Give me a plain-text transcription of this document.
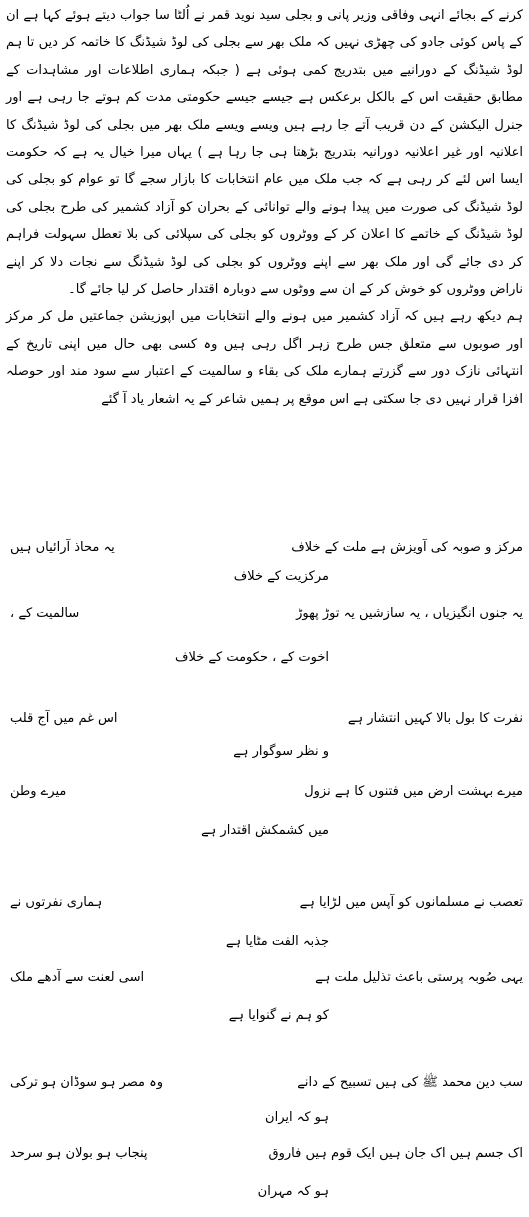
کرنے کے بجائے انہی وفاقی وزیر پانی و بجلی سید نوید قمر نے اُلٹا سا جواب دیتے ہوئے کہا ہے ان کے پاس کوئی جادو کی چھڑی نہیں کہ ملک بھر سے بجلی کی لوڈ شیڈنگ کا خاتمہ کر دیں تا ہم لوڈ شیڈنگ کے دورانیے میں بتدریج کمی ہوئی ہے ( جبکہ ہماری اطلاعات اور مشاہدات کے مطابق حقیقت اس کے بالکل برعکس ہے جیسے جیسے حکومتی مدت کم ہوتے جا رہی ہے اور جنرل الیکشن کے دن قریب آتے جا رہے ہیں ویسے ویسے ملک بھر میں بجلی کی لوڈ شیڈنگ کا اعلانیہ اور غیر اعلانیہ دورانیہ بتدریج بڑھتا ہی جا رہا ہے ) یہاں میرا خیال یہ ہے کہ حکومت ایسا اس لئے کر رہی ہے کہ جب ملک میں عام انتخابات کا بازار سجے گا تو عوام کو بجلی کی لوڈ شیڈنگ کی صورت میں پیدا ہونے والے توانائی کے بحران کو آزاد کشمیر کی طرح بجلی کی لوڈ شیڈنگ کے خاتمے کا اعلان کر کے ووٹروں کو بجلی کی سپلائی کی بلا تعطل سہولت فراہم کر دی جائے گی اور ملک بھر سے اپنے ووٹروں کو بجلی کی لوڈ شیڈنگ سے نجات دلا کر اپنے ناراض ووٹروں کو خوش کر کے ان سے ووٹوں سے دوبارہ اقتدار حاصل کر لیا جائے گا۔

ہم دیکھ رہے ہیں کہ آزاد کشمیر میں ہونے والے انتخابات میں اپوزیشن جماعتیں مل کر مرکز اور صوبوں سے متعلق جس طرح زہر اگل رہی ہیں وہ کسی بھی حال میں اپنی تاریخ کے انتہائی نازک دور سے گزرتے ہمارے ملک کی بقاء و سالمیت کے اعتبار سے سود مند اور حوصلہ افزا قرار نہیں دی جا سکتی ہے اس موقع پر ہمیں شاعر کے یہ اشعار یاد آ گئے

مرکز و صوبہ کی آویزش ہے ملت کے خلاف
یہ محاذ آرائیاں ہیں
مرکزیت کے خلاف
یہ جنوں انگیزیاں ، یہ سازشیں یہ توڑ پھوڑ
سالمیت کے ،
اخوت کے ، حکومت کے خلاف
نفرت کا بول بالا کہیں انتشار ہے
اس غم میں آج قلب
و نظر سوگوار ہے
میرے بہشت ارض میں فتنوں کا ہے نزول
میرے وطن
میں کشمکش اقتدار ہے
تعصب نے مسلمانوں کو آپس میں لڑایا ہے
ہماری نفرتوں نے
جذبہ الفت مٹایا ہے
یہی صُوبہ پرستی باعث تذلیل ملت ہے
اسی لعنت سے آدھے ملک
کو ہم نے گنوایا ہے
سب دین محمد ﷺ کی ہیں تسبیح کے دانے
وہ مصر ہو سوڈان ہو ترکی
ہو کہ ایران
اک جسم ہیں اک جان ہیں ایک قوم ہیں فاروق
پنجاب ہو بولان ہو سرحد
ہو کہ مہران
